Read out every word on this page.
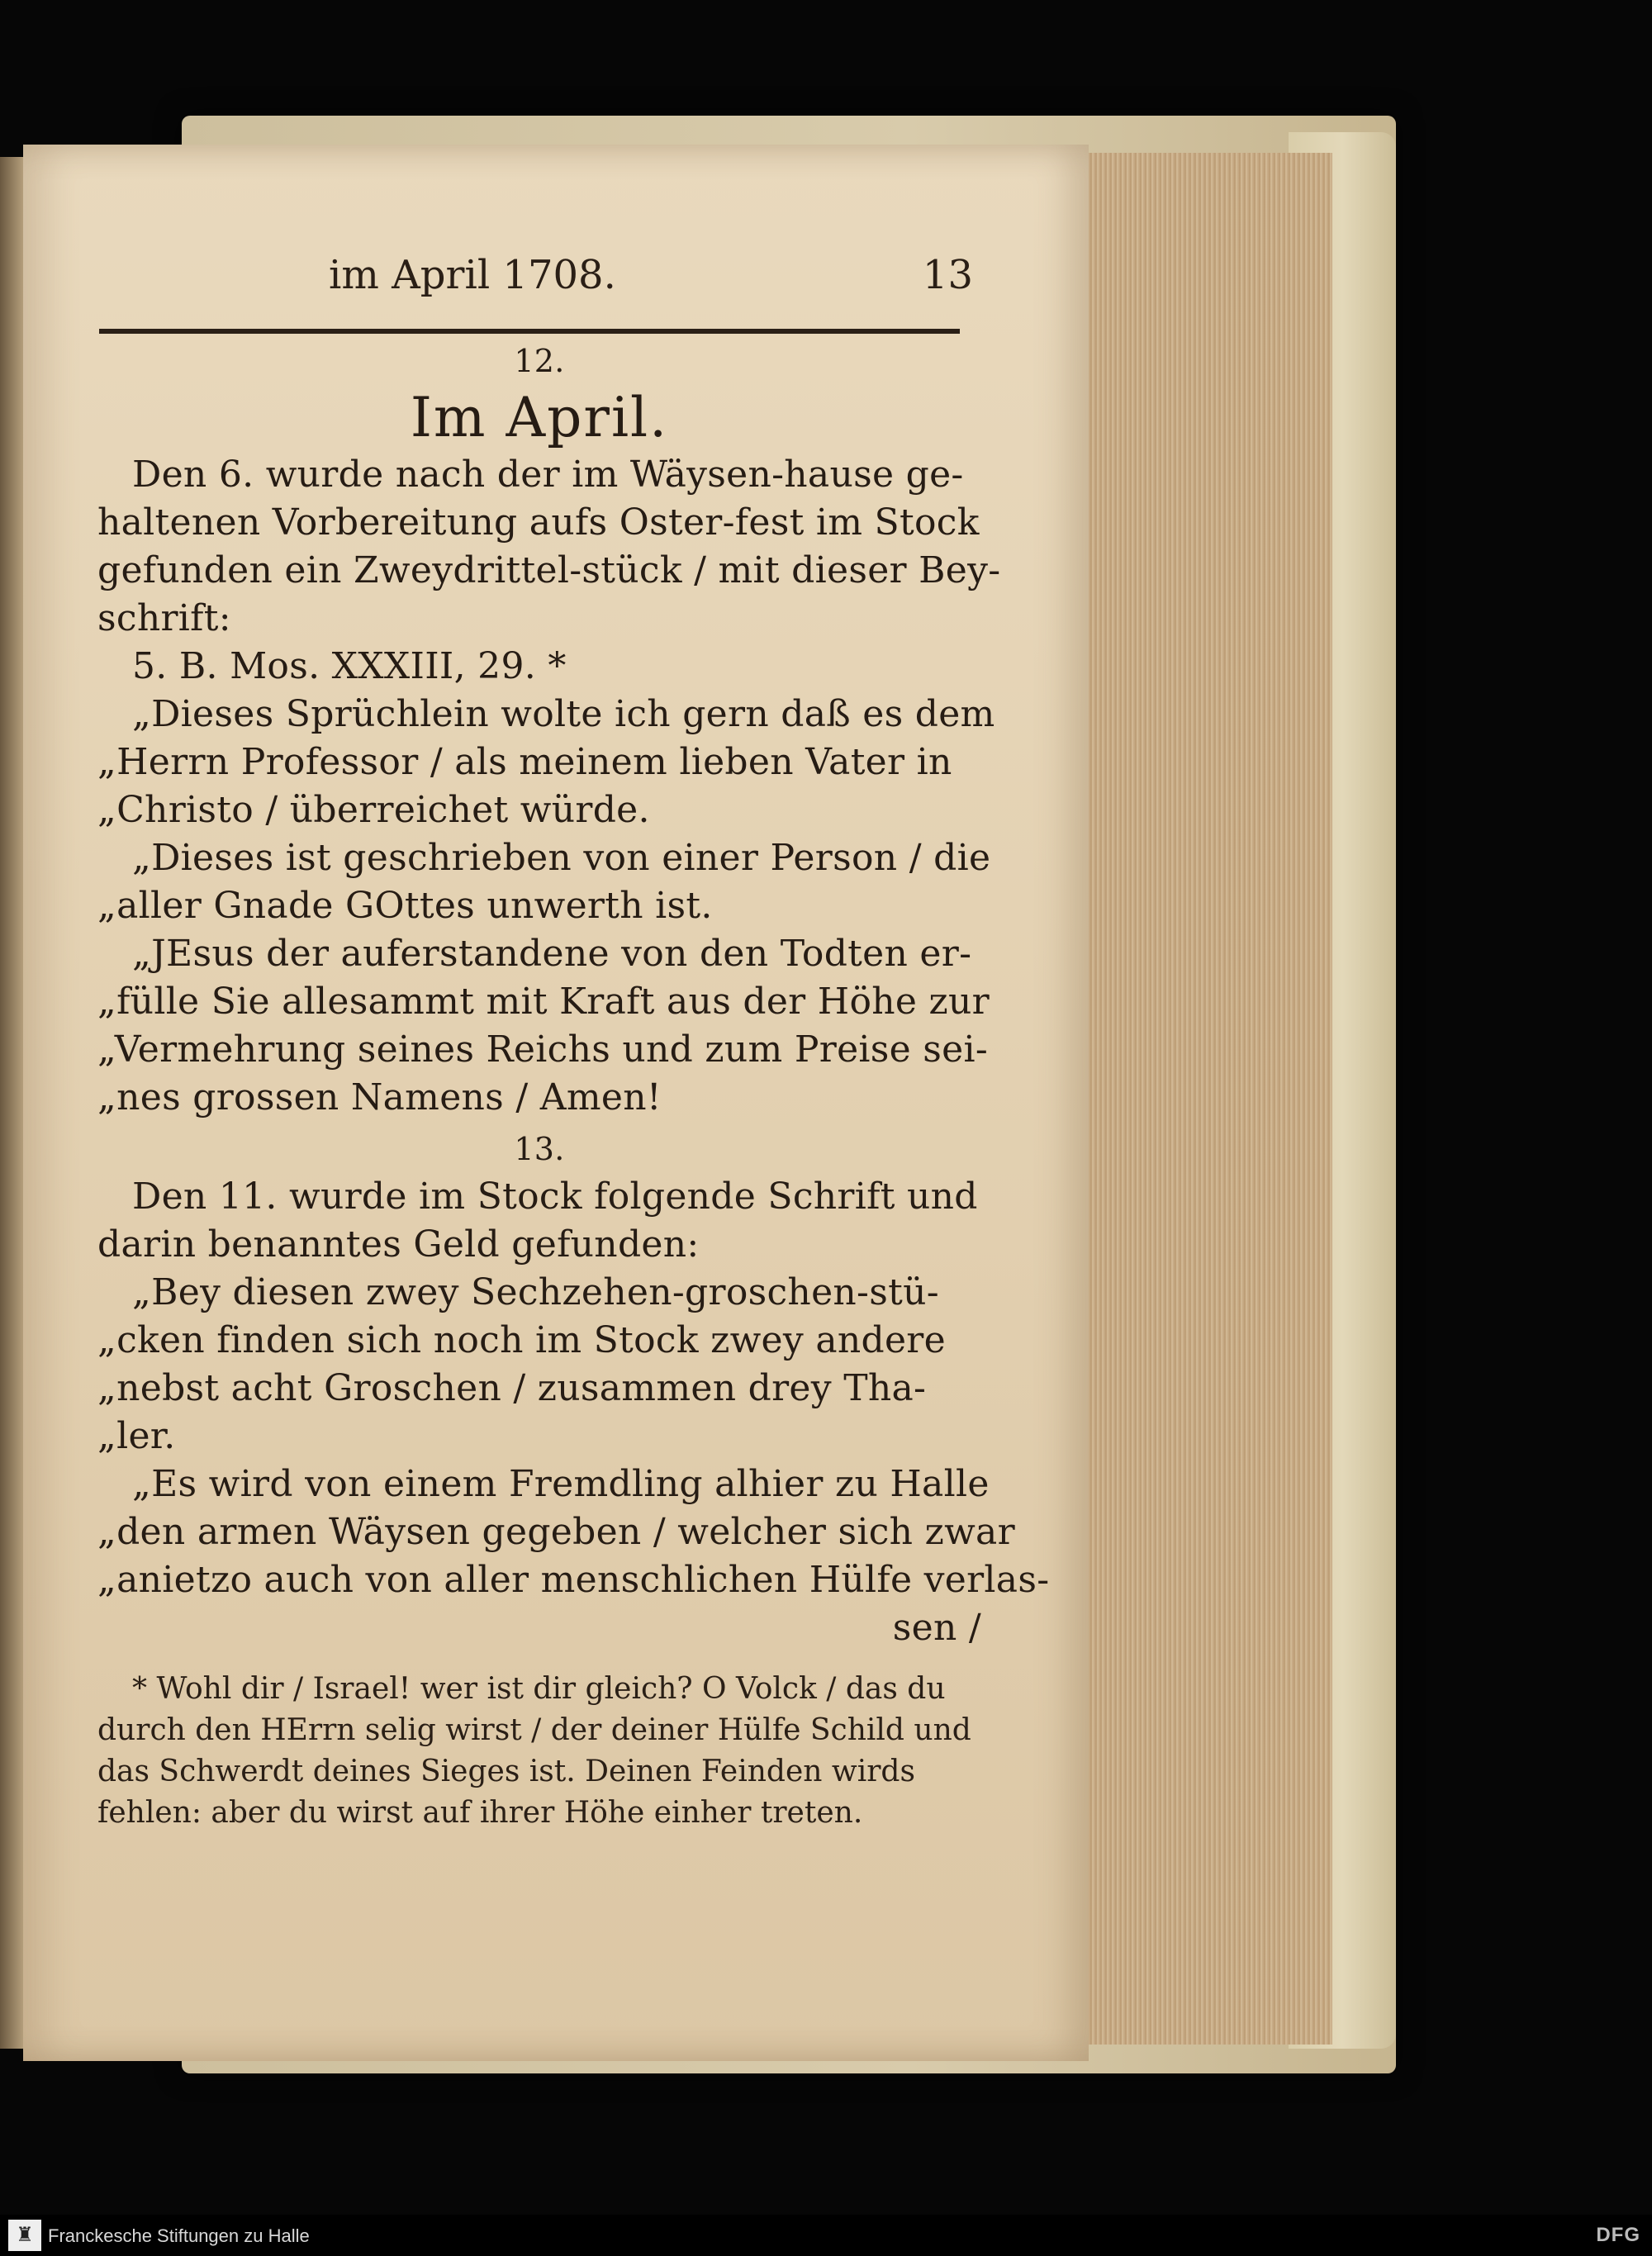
im April 1708.	13
12.
Im April.
Den 6. wurde nach der im Wäysen-hause ge-
haltenen Vorbereitung aufs Oster-fest im Stock
gefunden ein Zweydrittel-stück / mit dieser Bey-
schrift:
5. B. Mos. XXXIII, 29. *
„Dieses Sprüchlein wolte ich gern daß es dem
„Herrn Professor / als meinem lieben Vater in
„Christo / überreichet würde.
„Dieses ist geschrieben von einer Person / die
„aller Gnade GOttes unwerth ist.
„JEsus der auferstandene von den Todten er-
„fülle Sie allesammt mit Kraft aus der Höhe zur
„Vermehrung seines Reichs und zum Preise sei-
„nes grossen Namens / Amen!
13.
Den 11. wurde im Stock folgende Schrift und
darin benanntes Geld gefunden:
„Bey diesen zwey Sechzehen-groschen-stü-
„cken finden sich noch im Stock zwey andere
„nebst acht Groschen / zusammen drey Tha-
„ler.
„Es wird von einem Fremdling alhier zu Halle
„den armen Wäysen gegeben / welcher sich zwar
„anietzo auch von aller menschlichen Hülfe verlas-
sen /
* Wohl dir / Israel! wer ist dir gleich? O Volck / das du
durch den HErrn selig wirst / der deiner Hülfe Schild und
das Schwerdt deines Sieges ist. Deinen Feinden wirds
fehlen: aber du wirst auf ihrer Höhe einher treten.
♜ Franckesche Stiftungen zu Halle	DFG
